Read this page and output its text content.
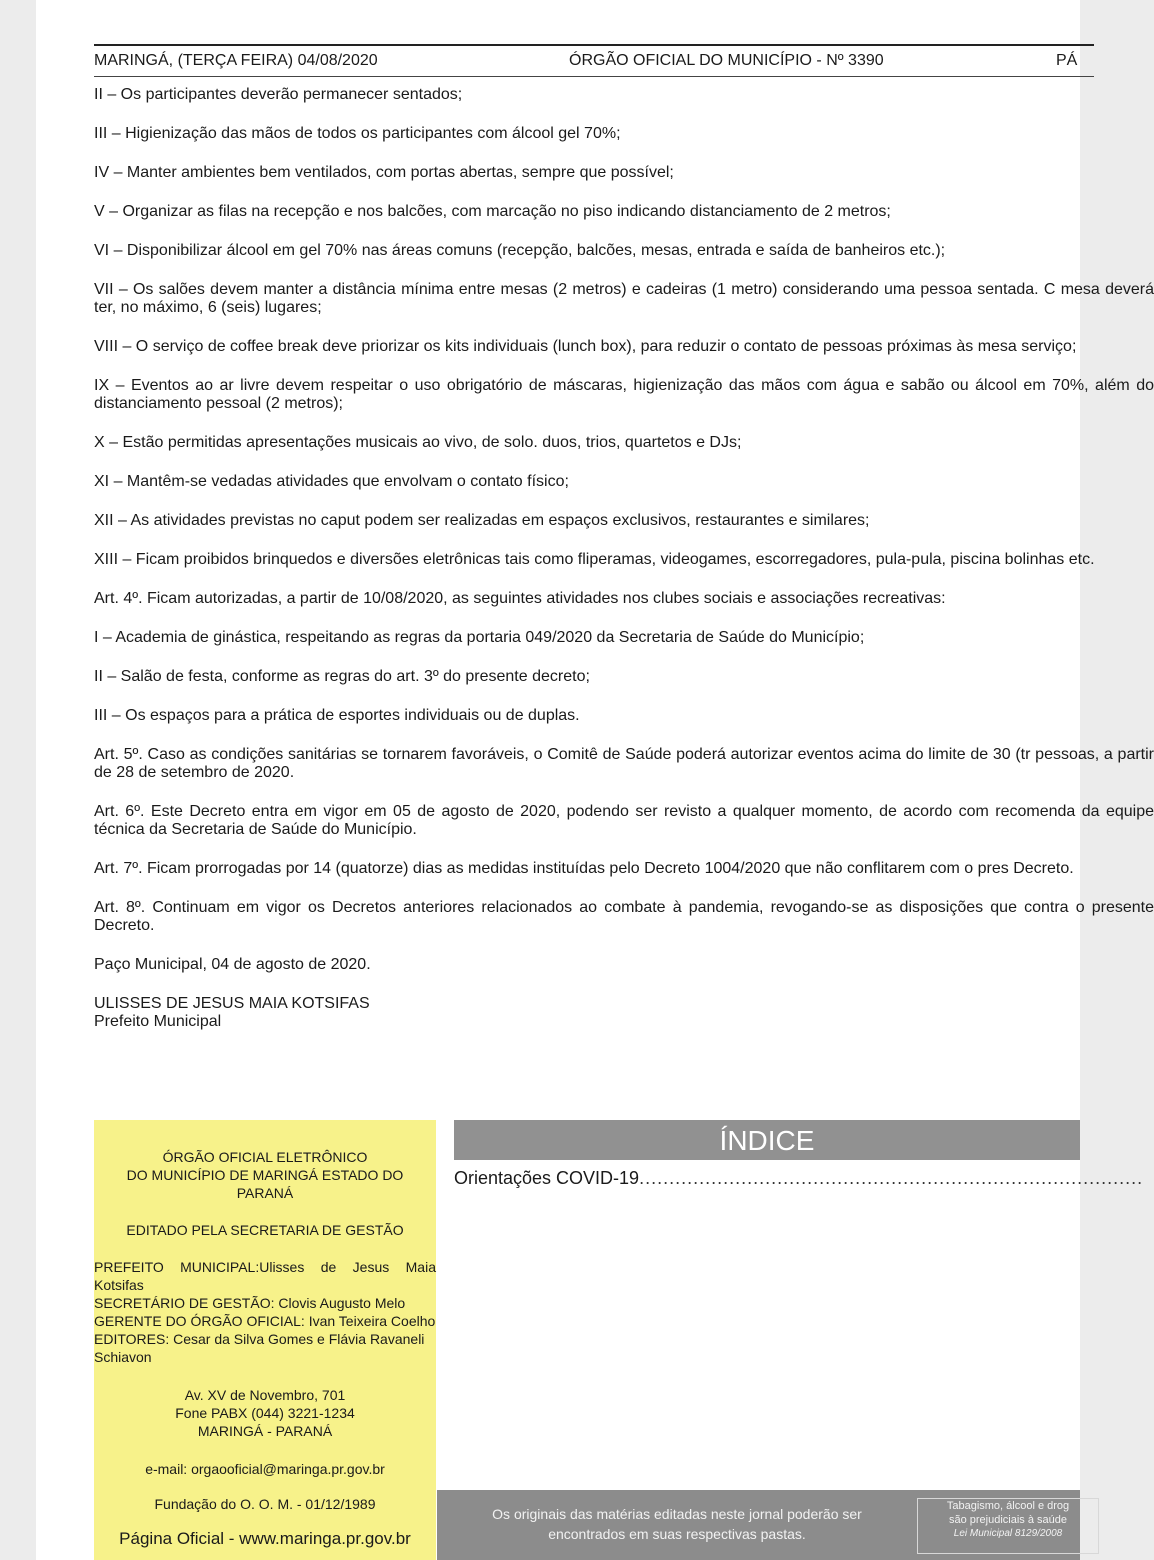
MARINGÁ, (TERÇA FEIRA) 04/08/2020	ÓRGÃO OFICIAL DO MUNICÍPIO - Nº 3390	PÁ

II – Os participantes deverão permanecer sentados;

III – Higienização das mãos de todos os participantes com álcool gel 70%;

IV – Manter ambientes bem ventilados, com portas abertas, sempre que possível;

V – Organizar as filas na recepção e nos balcões, com marcação no piso indicando distanciamento de 2 metros;

VI – Disponibilizar álcool em gel 70% nas áreas comuns (recepção, balcões, mesas, entrada e saída de banheiros etc.);

VII – Os salões devem manter a distância mínima entre mesas (2 metros) e cadeiras (1 metro) considerando uma pessoa sentada. C mesa deverá ter, no máximo, 6 (seis) lugares;

VIII – O serviço de coffee break deve priorizar os kits individuais (lunch box), para reduzir o contato de pessoas próximas às mesa serviço;

IX – Eventos ao ar livre devem respeitar o uso obrigatório de máscaras, higienização das mãos com água e sabão ou álcool em 70%, além do distanciamento pessoal (2 metros);

X – Estão permitidas apresentações musicais ao vivo, de solo. duos, trios, quartetos e DJs;

XI – Mantêm-se vedadas atividades que envolvam o contato físico;

XII – As atividades previstas no caput podem ser realizadas em espaços exclusivos, restaurantes e similares;

XIII – Ficam proibidos brinquedos e diversões eletrônicas tais como fliperamas, videogames, escorregadores, pula-pula, piscina bolinhas etc.

Art. 4º. Ficam autorizadas, a partir de 10/08/2020, as seguintes atividades nos clubes sociais e associações recreativas:

I – Academia de ginástica, respeitando as regras da portaria 049/2020 da Secretaria de Saúde do Município;

II – Salão de festa, conforme as regras do art. 3º do presente decreto;

III – Os espaços para a prática de esportes individuais ou de duplas.

Art. 5º. Caso as condições sanitárias se tornarem favoráveis, o Comitê de Saúde poderá autorizar eventos acima do limite de 30 (tr pessoas, a partir de 28 de setembro de 2020.

Art. 6º. Este Decreto entra em vigor em 05 de agosto de 2020, podendo ser revisto a qualquer momento, de acordo com recomenda da equipe técnica da Secretaria de Saúde do Município.

Art. 7º. Ficam prorrogadas por 14 (quatorze) dias as medidas instituídas pelo Decreto 1004/2020 que não conflitarem com o pres Decreto.

Art. 8º. Continuam em vigor os Decretos anteriores relacionados ao combate à pandemia, revogando-se as disposições que contra o presente Decreto.

Paço Municipal, 04 de agosto de 2020.

ULISSES DE JESUS MAIA KOTSIFAS

Prefeito Municipal

ÓRGÃO OFICIAL ELETRÔNICO
DO MUNICÍPIO DE MARINGÁ ESTADO DO
PARANÁ
EDITADO PELA SECRETARIA DE GESTÃO
PREFEITO MUNICIPAL:Ulisses de Jesus Maia Kotsifas
SECRETÁRIO DE GESTÃO: Clovis Augusto Melo
GERENTE DO ÓRGÃO OFICIAL: Ivan Teixeira Coelho
EDITORES: Cesar da Silva Gomes e Flávia Ravaneli Schiavon
Av. XV de Novembro, 701
Fone PABX (044) 3221-1234
MARINGÁ - PARANÁ
e-mail: orgaooficial@maringa.pr.gov.br
Fundação do O. O. M. - 01/12/1989
Página Oficial - www.maringa.pr.gov.br
ÍNDICE
Orientações COVID-19....................................................................................
Os originais das matérias editadas neste jornal poderão ser
encontrados em suas respectivas pastas.
Tabagismo, álcool e drog
são prejudiciais à saúde
Lei Municipal 8129/2008
